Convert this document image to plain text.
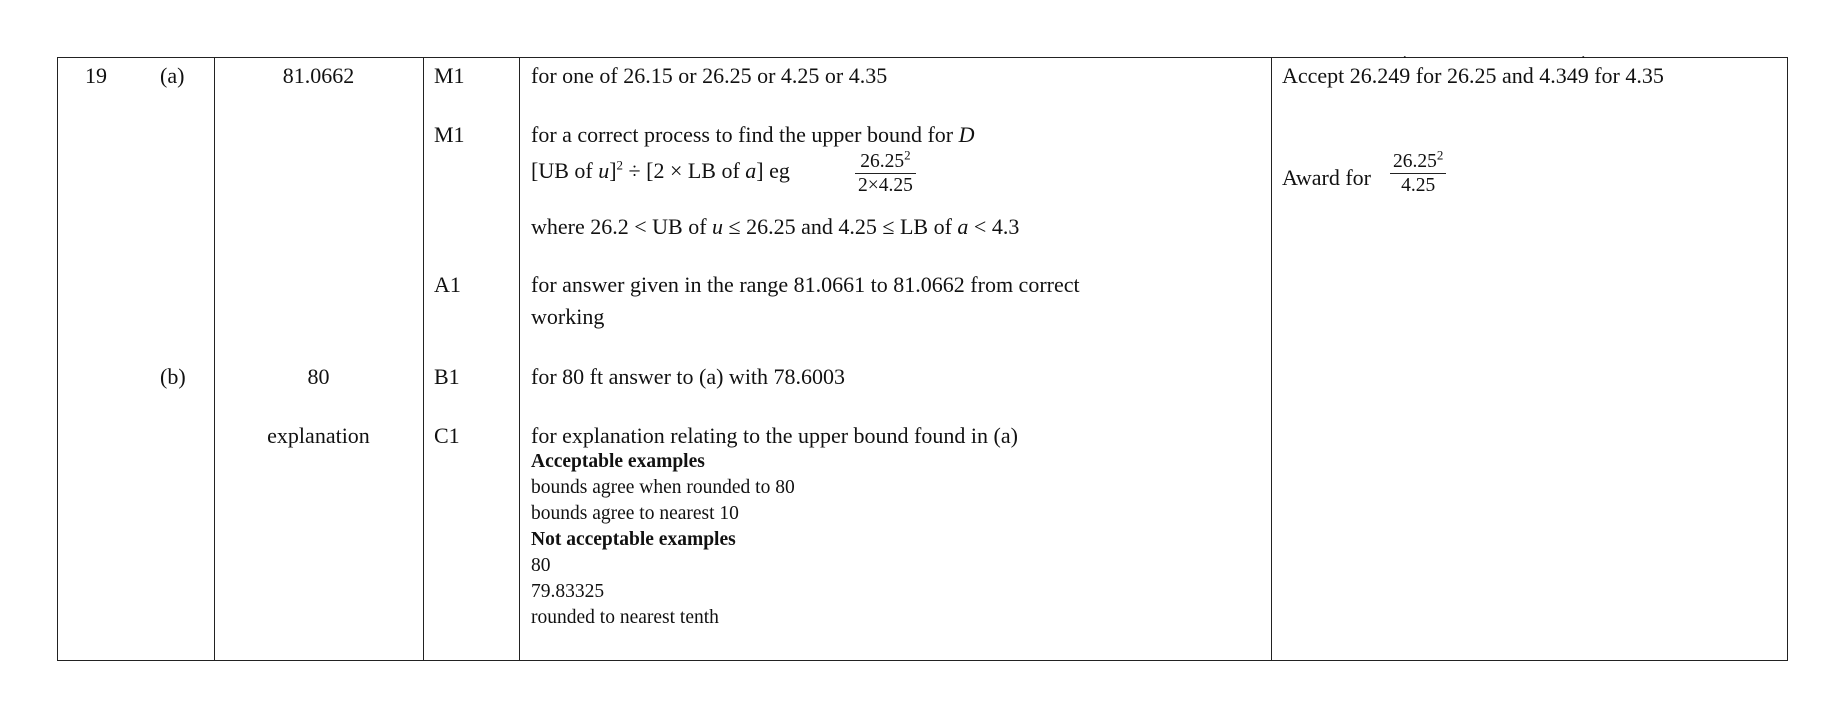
19 (a)
(b)
81.0662
80
explanation
M1
M1
A1
B1
C1
for one of 26.15 or 26.25 or 4.25 or 4.35
for a correct process to find the upper bound for D
[UB of u]$^2$ ÷ [2 × LB of a] eg	$\frac{26.25^2}{2\times 4.25}$
where 26.2 < UB of u ≤ 26.25 and 4.25 ≤ LB of a < 4.3
for answer given in the range 81.0661 to 81.0662 from correct
working
for 80 ft answer to (a) with 78.6003
for explanation relating to the upper bound found in (a)
Acceptable examples
bounds agree when rounded to 80
bounds agree to nearest 10
Not acceptable examples
80
79.83325
rounded to nearest tenth
Accept 26.24˙ 9 for 26.25 and 4.34˙ 9 for 4.35
Award for $\frac{26.25^2}{4.25}$
